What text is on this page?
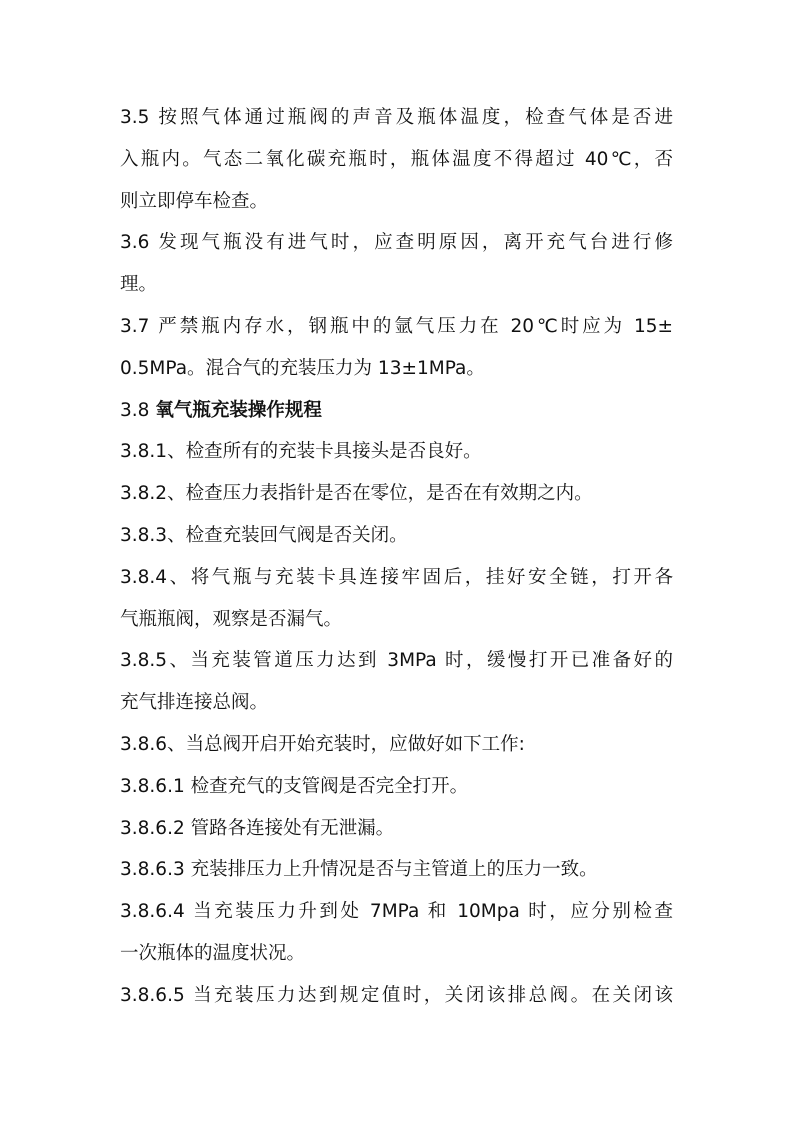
3.5 按照气体通过瓶阀的声音及瓶体温度，检查气体是否进
入瓶内。气态二氧化碳充瓶时，瓶体温度不得超过 40℃，否
则立即停车检查。
3.6 发现气瓶没有进气时，应查明原因，离开充气台进行修
理。
3.7 严禁瓶内存水，钢瓶中的氩气压力在 20℃时应为 15±
0.5MPa。混合气的充装压力为 13±1MPa。
3.8 氧气瓶充装操作规程
3.8.1、检查所有的充装卡具接头是否良好。
3.8.2、检查压力表指针是否在零位，是否在有效期之内。
3.8.3、检查充装回气阀是否关闭。
3.8.4、将气瓶与充装卡具连接牢固后，挂好安全链，打开各
气瓶瓶阀，观察是否漏气。
3.8.5、当充装管道压力达到 3MPa 时，缓慢打开已准备好的
充气排连接总阀。
3.8.6、当总阀开启开始充装时，应做好如下工作:
3.8.6.1 检查充气的支管阀是否完全打开。
3.8.6.2 管路各连接处有无泄漏。
3.8.6.3 充装排压力上升情况是否与主管道上的压力一致。
3.8.6.4 当充装压力升到处 7MPa 和 10Mpa 时，应分别检查
一次瓶体的温度状况。
3.8.6.5 当充装压力达到规定值时，关闭该排总阀。在关闭该
